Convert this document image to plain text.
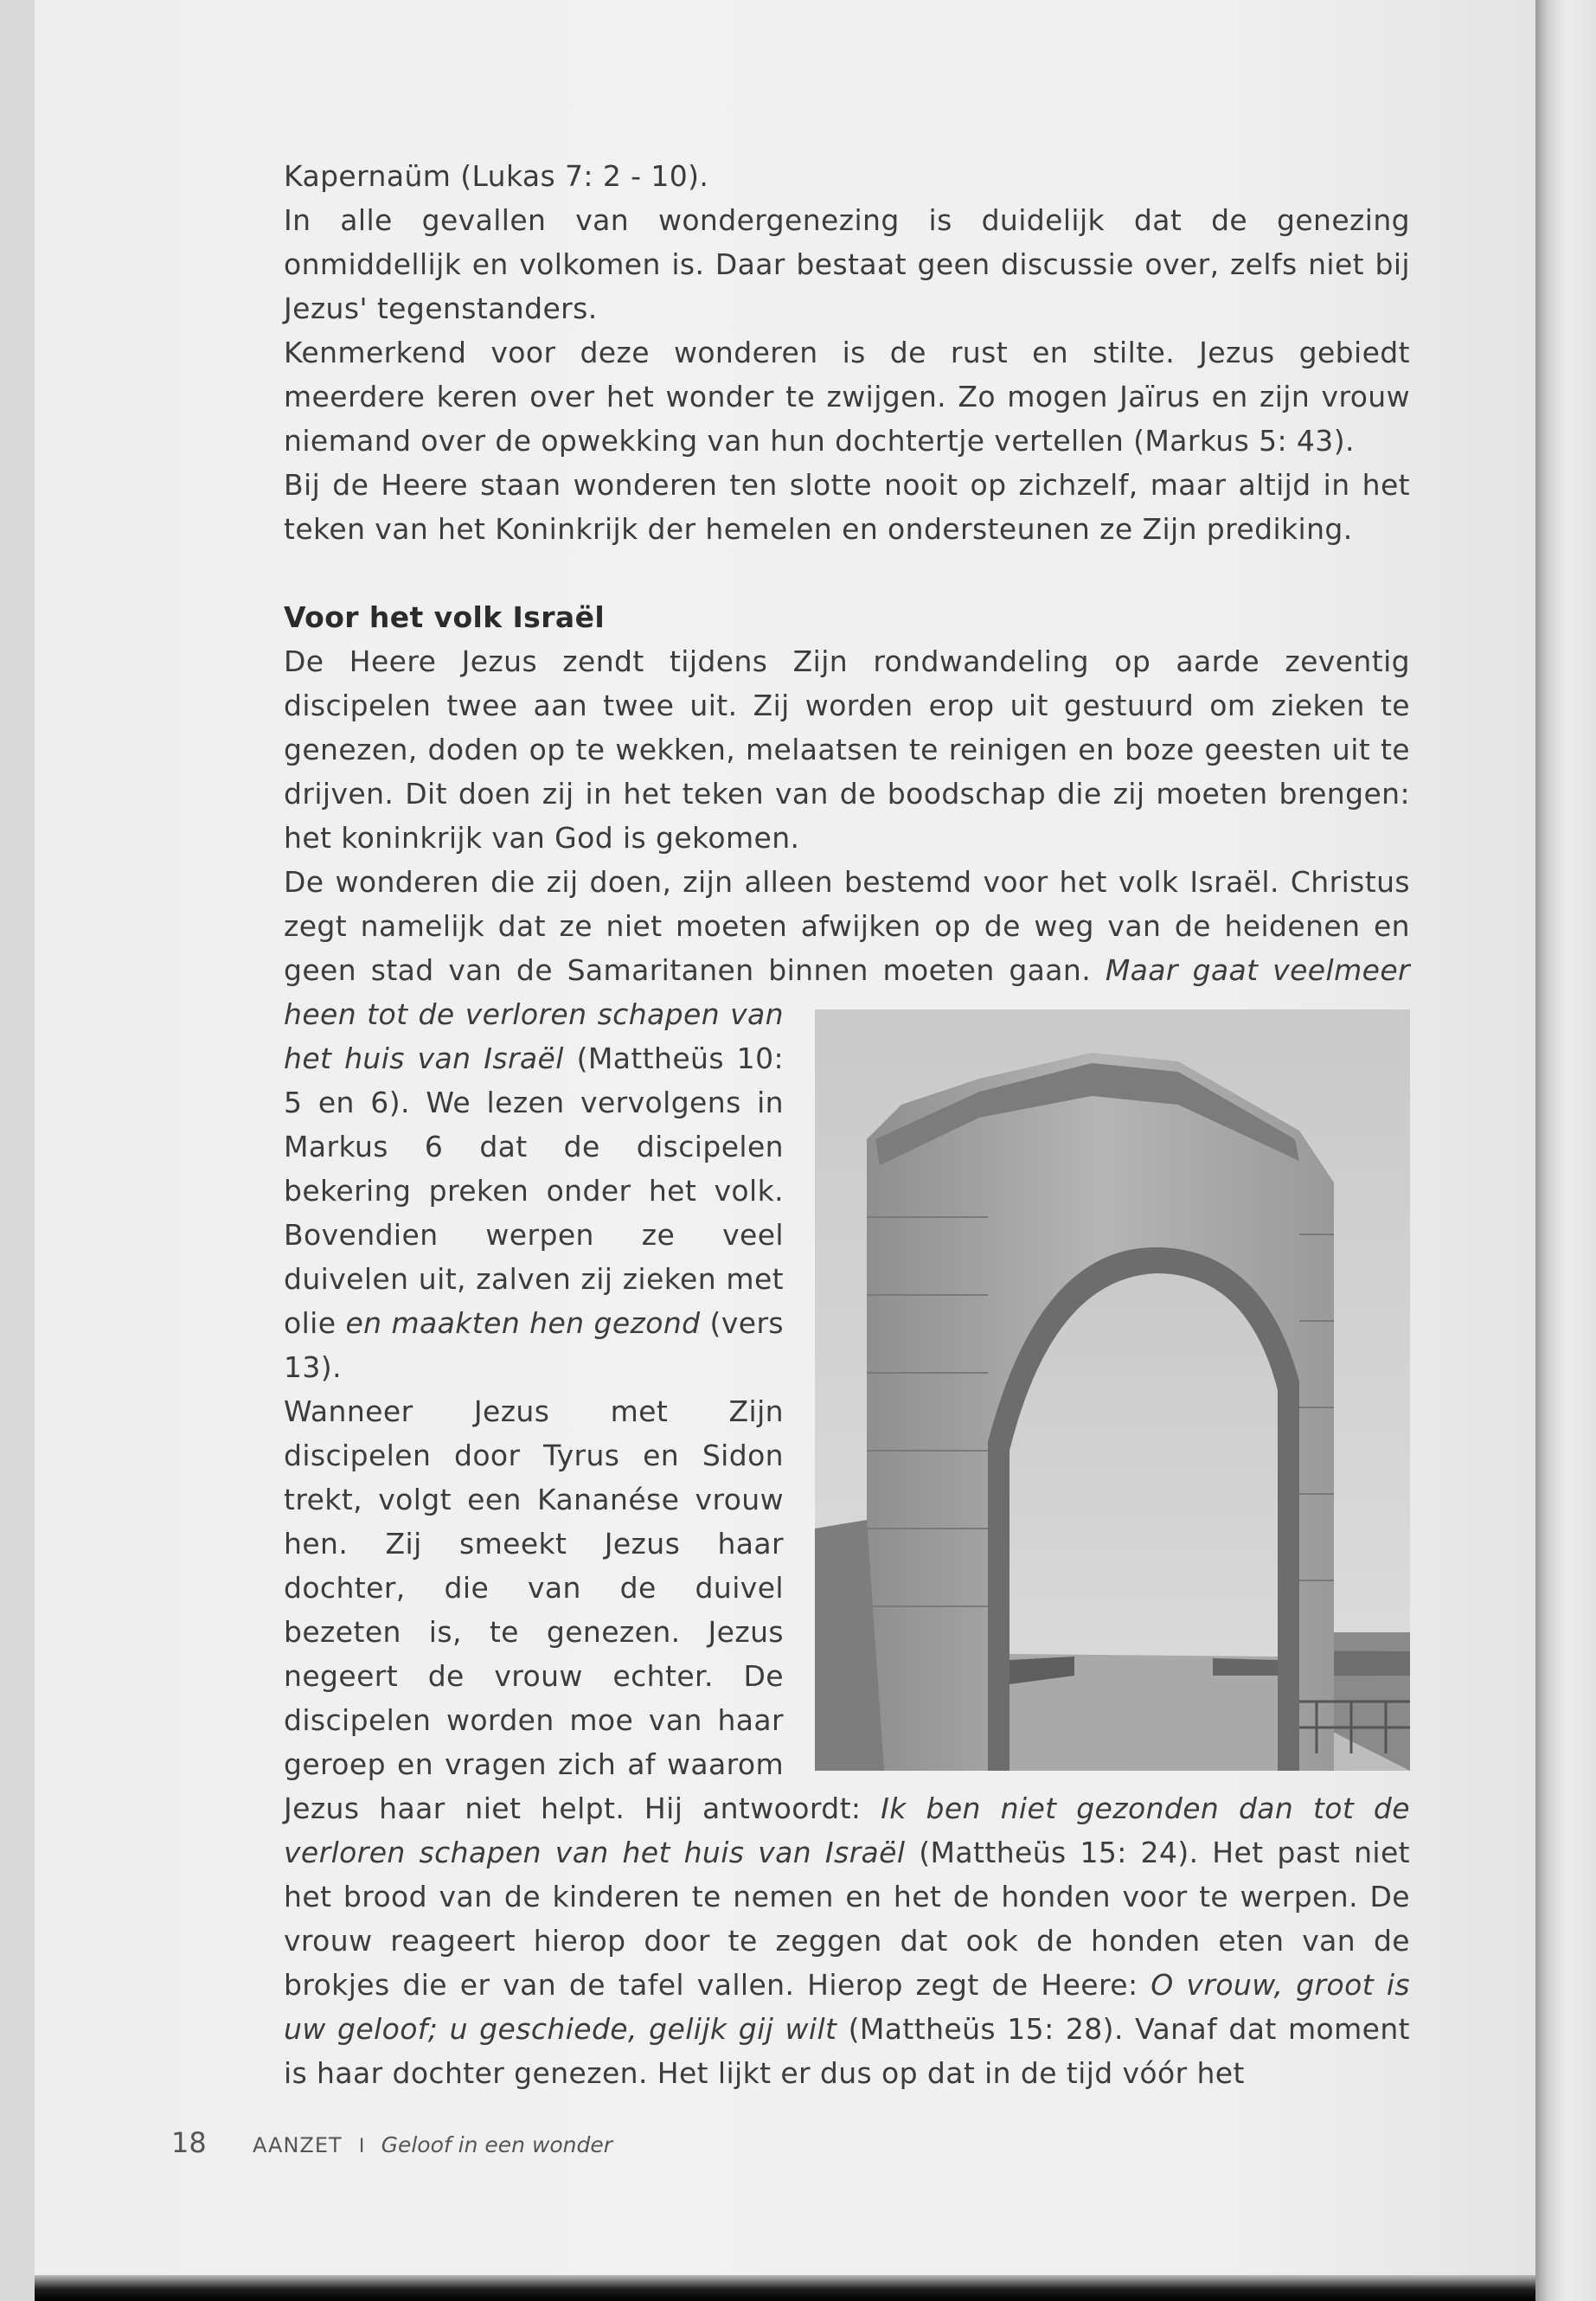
Kapernaüm (Lukas 7: 2 - 10).

In alle gevallen van wondergenezing is duidelijk dat de genezing onmiddellijk en volkomen is. Daar bestaat geen discussie over, zelfs niet bij Jezus' tegenstanders.

Kenmerkend voor deze wonderen is de rust en stilte. Jezus gebiedt meerdere keren over het wonder te zwijgen. Zo mogen Jaïrus en zijn vrouw niemand over de opwekking van hun dochtertje vertellen (Markus 5: 43).

Bij de Heere staan wonderen ten slotte nooit op zichzelf, maar altijd in het teken van het Koninkrijk der hemelen en ondersteunen ze Zijn prediking.

Voor het volk Israël

De Heere Jezus zendt tijdens Zijn rondwandeling op aarde zeventig discipelen twee aan twee uit. Zij worden erop uit gestuurd om zieken te genezen, doden op te wekken, melaatsen te reinigen en boze geesten uit te drijven. Dit doen zij in het teken van de boodschap die zij moeten brengen: het koninkrijk van God is gekomen.

De wonderen die zij doen, zijn alleen bestemd voor het volk Israël. Christus zegt namelijk dat ze niet moeten afwijken op de weg van de heidenen en geen stad van de Samaritanen binnen moeten gaan.
Maar gaat veelmeer heen tot de verloren schapen van het huis van Israël (Mattheüs 10: 5 en 6). We lezen vervolgens in Markus 6 dat de discipelen bekering preken onder het volk. Bovendien werpen ze veel duivelen uit, zalven zij zieken met olie en maakten hen gezond (vers 13).

Wanneer Jezus met Zijn discipelen door Tyrus en Sidon trekt, volgt een Kananése vrouw hen. Zij smeekt Jezus haar dochter, die van de duivel bezeten is, te genezen. Jezus negeert de vrouw echter. De discipelen worden moe van haar geroep en vragen zich af waarom Jezus haar niet helpt. Hij antwoordt: Ik ben niet gezonden dan tot de verloren schapen van het huis van Israël (Mattheüs 15: 24). Het past niet het brood van de kinderen te nemen en het de honden voor te werpen. De vrouw reageert hierop door te zeggen dat ook de honden eten van de brokjes die er van de tafel vallen. Hierop zegt de Heere: O vrouw, groot is uw geloof; u geschiede, gelijk gij wilt (Mattheüs 15: 28). Vanaf dat moment is haar dochter genezen. Het lijkt er dus op dat in de tijd vóór het

18 AANZET I Geloof in een wonder
